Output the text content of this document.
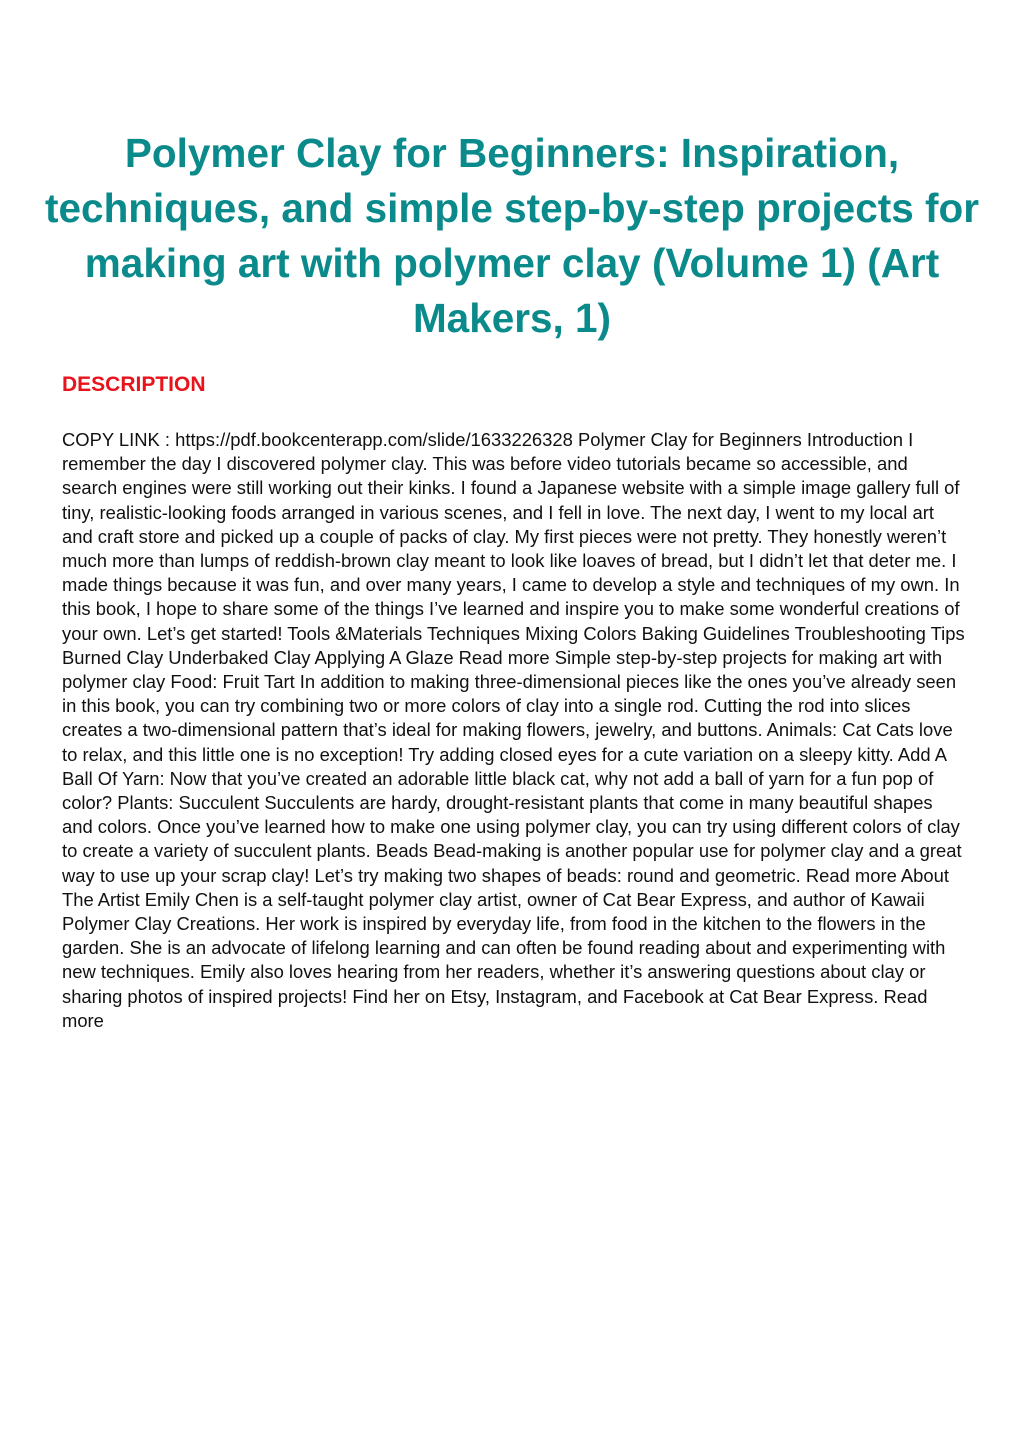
Polymer Clay for Beginners: Inspiration, techniques, and simple step-by-step projects for making art with polymer clay (Volume 1) (Art Makers, 1)
DESCRIPTION

COPY LINK : https://pdf.bookcenterapp.com/slide/1633226328 Polymer Clay for Beginners Introduction I remember the day I discovered polymer clay. This was before video tutorials became so accessible, and search engines were still working out their kinks. I found a Japanese website with a simple image gallery full of tiny, realistic-looking foods arranged in various scenes, and I fell in love. The next day, I went to my local art and craft store and picked up a couple of packs of clay. My first pieces were not pretty. They honestly weren’t much more than lumps of reddish-brown clay meant to look like loaves of bread, but I didn’t let that deter me. I made things because it was fun, and over many years, I came to develop a style and techniques of my own. In this book, I hope to share some of the things I’ve learned and inspire you to make some wonderful creations of your own. Let’s get started! Tools &Materials Techniques Mixing Colors Baking Guidelines Troubleshooting Tips Burned Clay Underbaked Clay Applying A Glaze Read more Simple step-by-step projects for making art with polymer clay Food: Fruit Tart In addition to making three-dimensional pieces like the ones you’ve already seen in this book, you can try combining two or more colors of clay into a single rod. Cutting the rod into slices creates a two-dimensional pattern that’s ideal for making flowers, jewelry, and buttons. Animals: Cat Cats love to relax, and this little one is no exception! Try adding closed eyes for a cute variation on a sleepy kitty. Add A Ball Of Yarn: Now that you’ve created an adorable little black cat, why not add a ball of yarn for a fun pop of color? Plants: Succulent Succulents are hardy, drought-resistant plants that come in many beautiful shapes and colors. Once you’ve learned how to make one using polymer clay, you can try using different colors of clay to create a variety of succulent plants. Beads Bead-making is another popular use for polymer clay and a great way to use up your scrap clay! Let’s try making two shapes of beads: round and geometric. Read more About The Artist Emily Chen is a self-taught polymer clay artist, owner of Cat Bear Express, and author of Kawaii Polymer Clay Creations. Her work is inspired by everyday life, from food in the kitchen to the flowers in the garden. She is an advocate of lifelong learning and can often be found reading about and experimenting with new techniques. Emily also loves hearing from her readers, whether it’s answering questions about clay or sharing photos of inspired projects! Find her on Etsy, Instagram, and Facebook at Cat Bear Express. Read more
